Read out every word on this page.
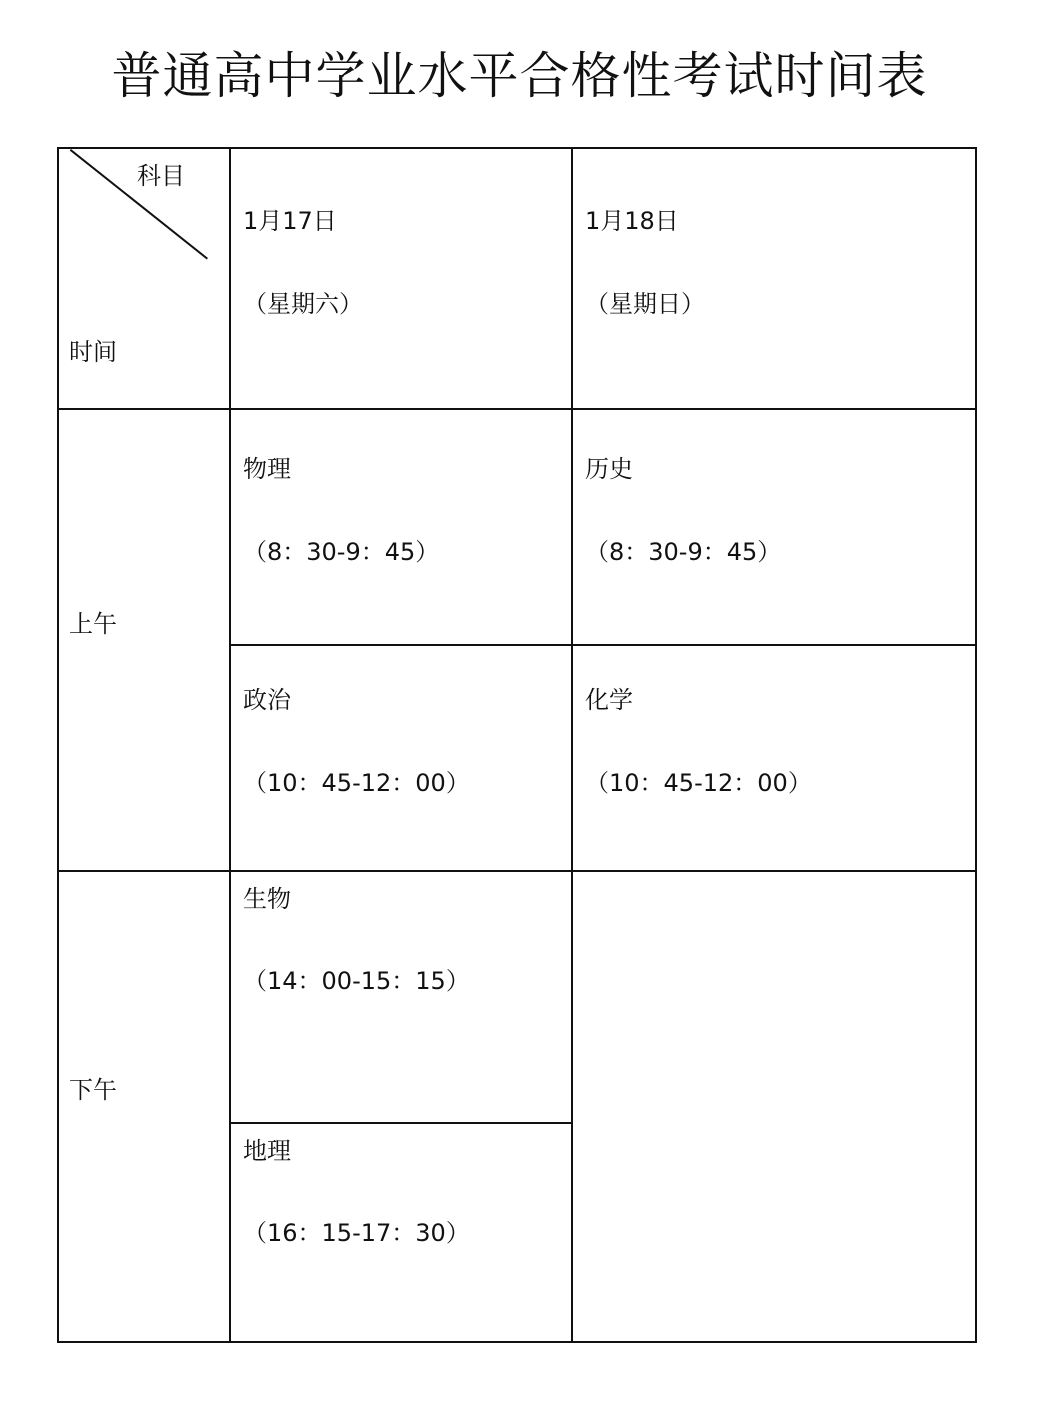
普通高中学业水平合格性考试时间表
科目
时间
1月17日
（星期六）
1月18日
（星期日）
上午
下午
物理
（8：30-9：45）
历史
（8：30-9：45）
政治
（10：45-12：00）
化学
（10：45-12：00）
生物
（14：00-15：15）
地理
（16：15-17：30）
